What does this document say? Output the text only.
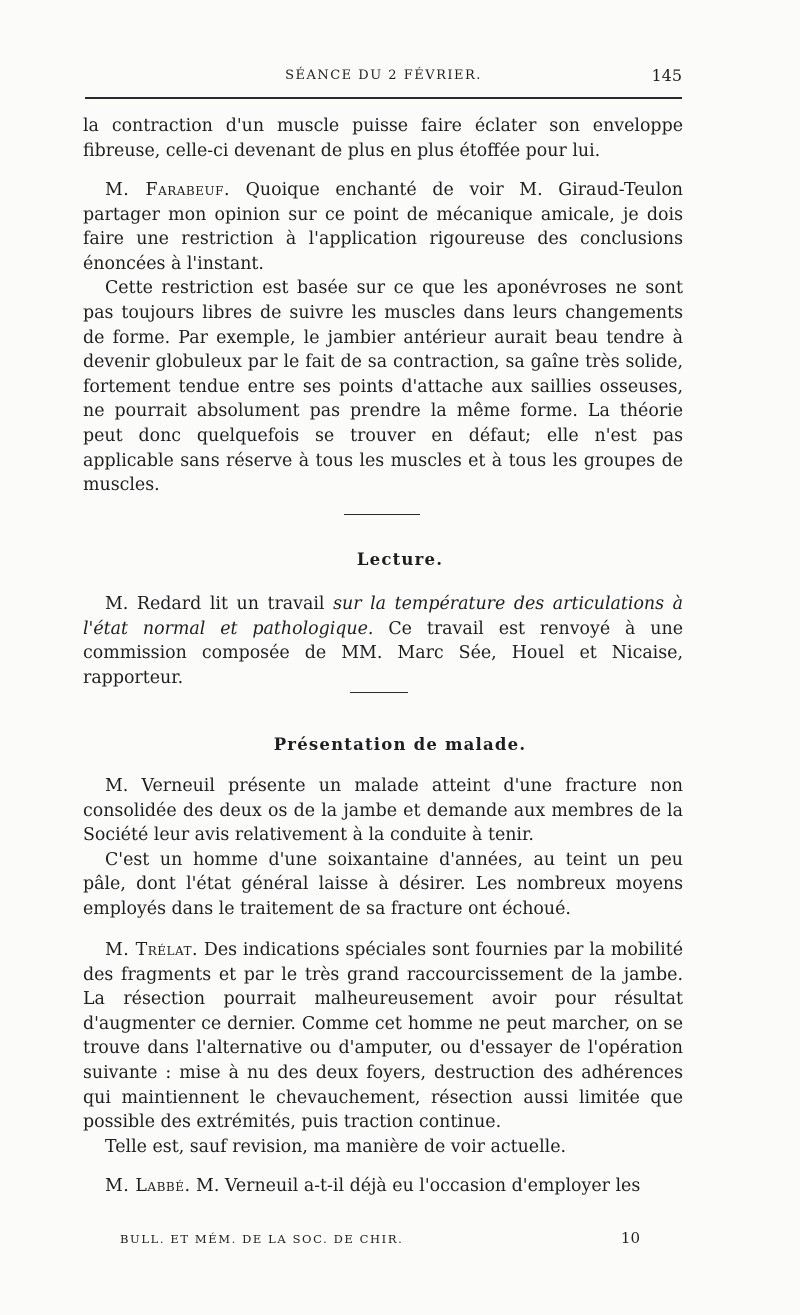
SÉANCE DU 2 FÉVRIER.	145

la contraction d'un muscle puisse faire éclater son enveloppe fibreuse, celle-ci devenant de plus en plus étoffée pour lui.

M. Farabeuf. Quoique enchanté de voir M. Giraud-Teulon partager mon opinion sur ce point de mécanique amicale, je dois faire une restriction à l'application rigoureuse des conclusions énoncées à l'instant.

Cette restriction est basée sur ce que les aponévroses ne sont pas toujours libres de suivre les muscles dans leurs changements de forme. Par exemple, le jambier antérieur aurait beau tendre à devenir globuleux par le fait de sa contraction, sa gaîne très solide, fortement tendue entre ses points d'attache aux saillies osseuses, ne pourrait absolument pas prendre la même forme. La théorie peut donc quelquefois se trouver en défaut; elle n'est pas applicable sans réserve à tous les muscles et à tous les groupes de muscles.

Lecture.

M. Redard lit un travail sur la température des articulations à l'état normal et pathologique. Ce travail est renvoyé à une commission composée de MM. Marc Sée, Houel et Nicaise, rapporteur.

Présentation de malade.

M. Verneuil présente un malade atteint d'une fracture non consolidée des deux os de la jambe et demande aux membres de la Société leur avis relativement à la conduite à tenir.

C'est un homme d'une soixantaine d'années, au teint un peu pâle, dont l'état général laisse à désirer. Les nombreux moyens employés dans le traitement de sa fracture ont échoué.

M. Trélat. Des indications spéciales sont fournies par la mobilité des fragments et par le très grand raccourcissement de la jambe. La résection pourrait malheureusement avoir pour résultat d'augmenter ce dernier. Comme cet homme ne peut marcher, on se trouve dans l'alternative ou d'amputer, ou d'essayer de l'opération suivante : mise à nu des deux foyers, destruction des adhérences qui maintiennent le chevauchement, résection aussi limitée que possible des extrémités, puis traction continue.

Telle est, sauf revision, ma manière de voir actuelle.

M. Labbé. M. Verneuil a-t-il déjà eu l'occasion d'employer les

BULL. ET MÉM. DE LA SOC. DE CHIR.	10
